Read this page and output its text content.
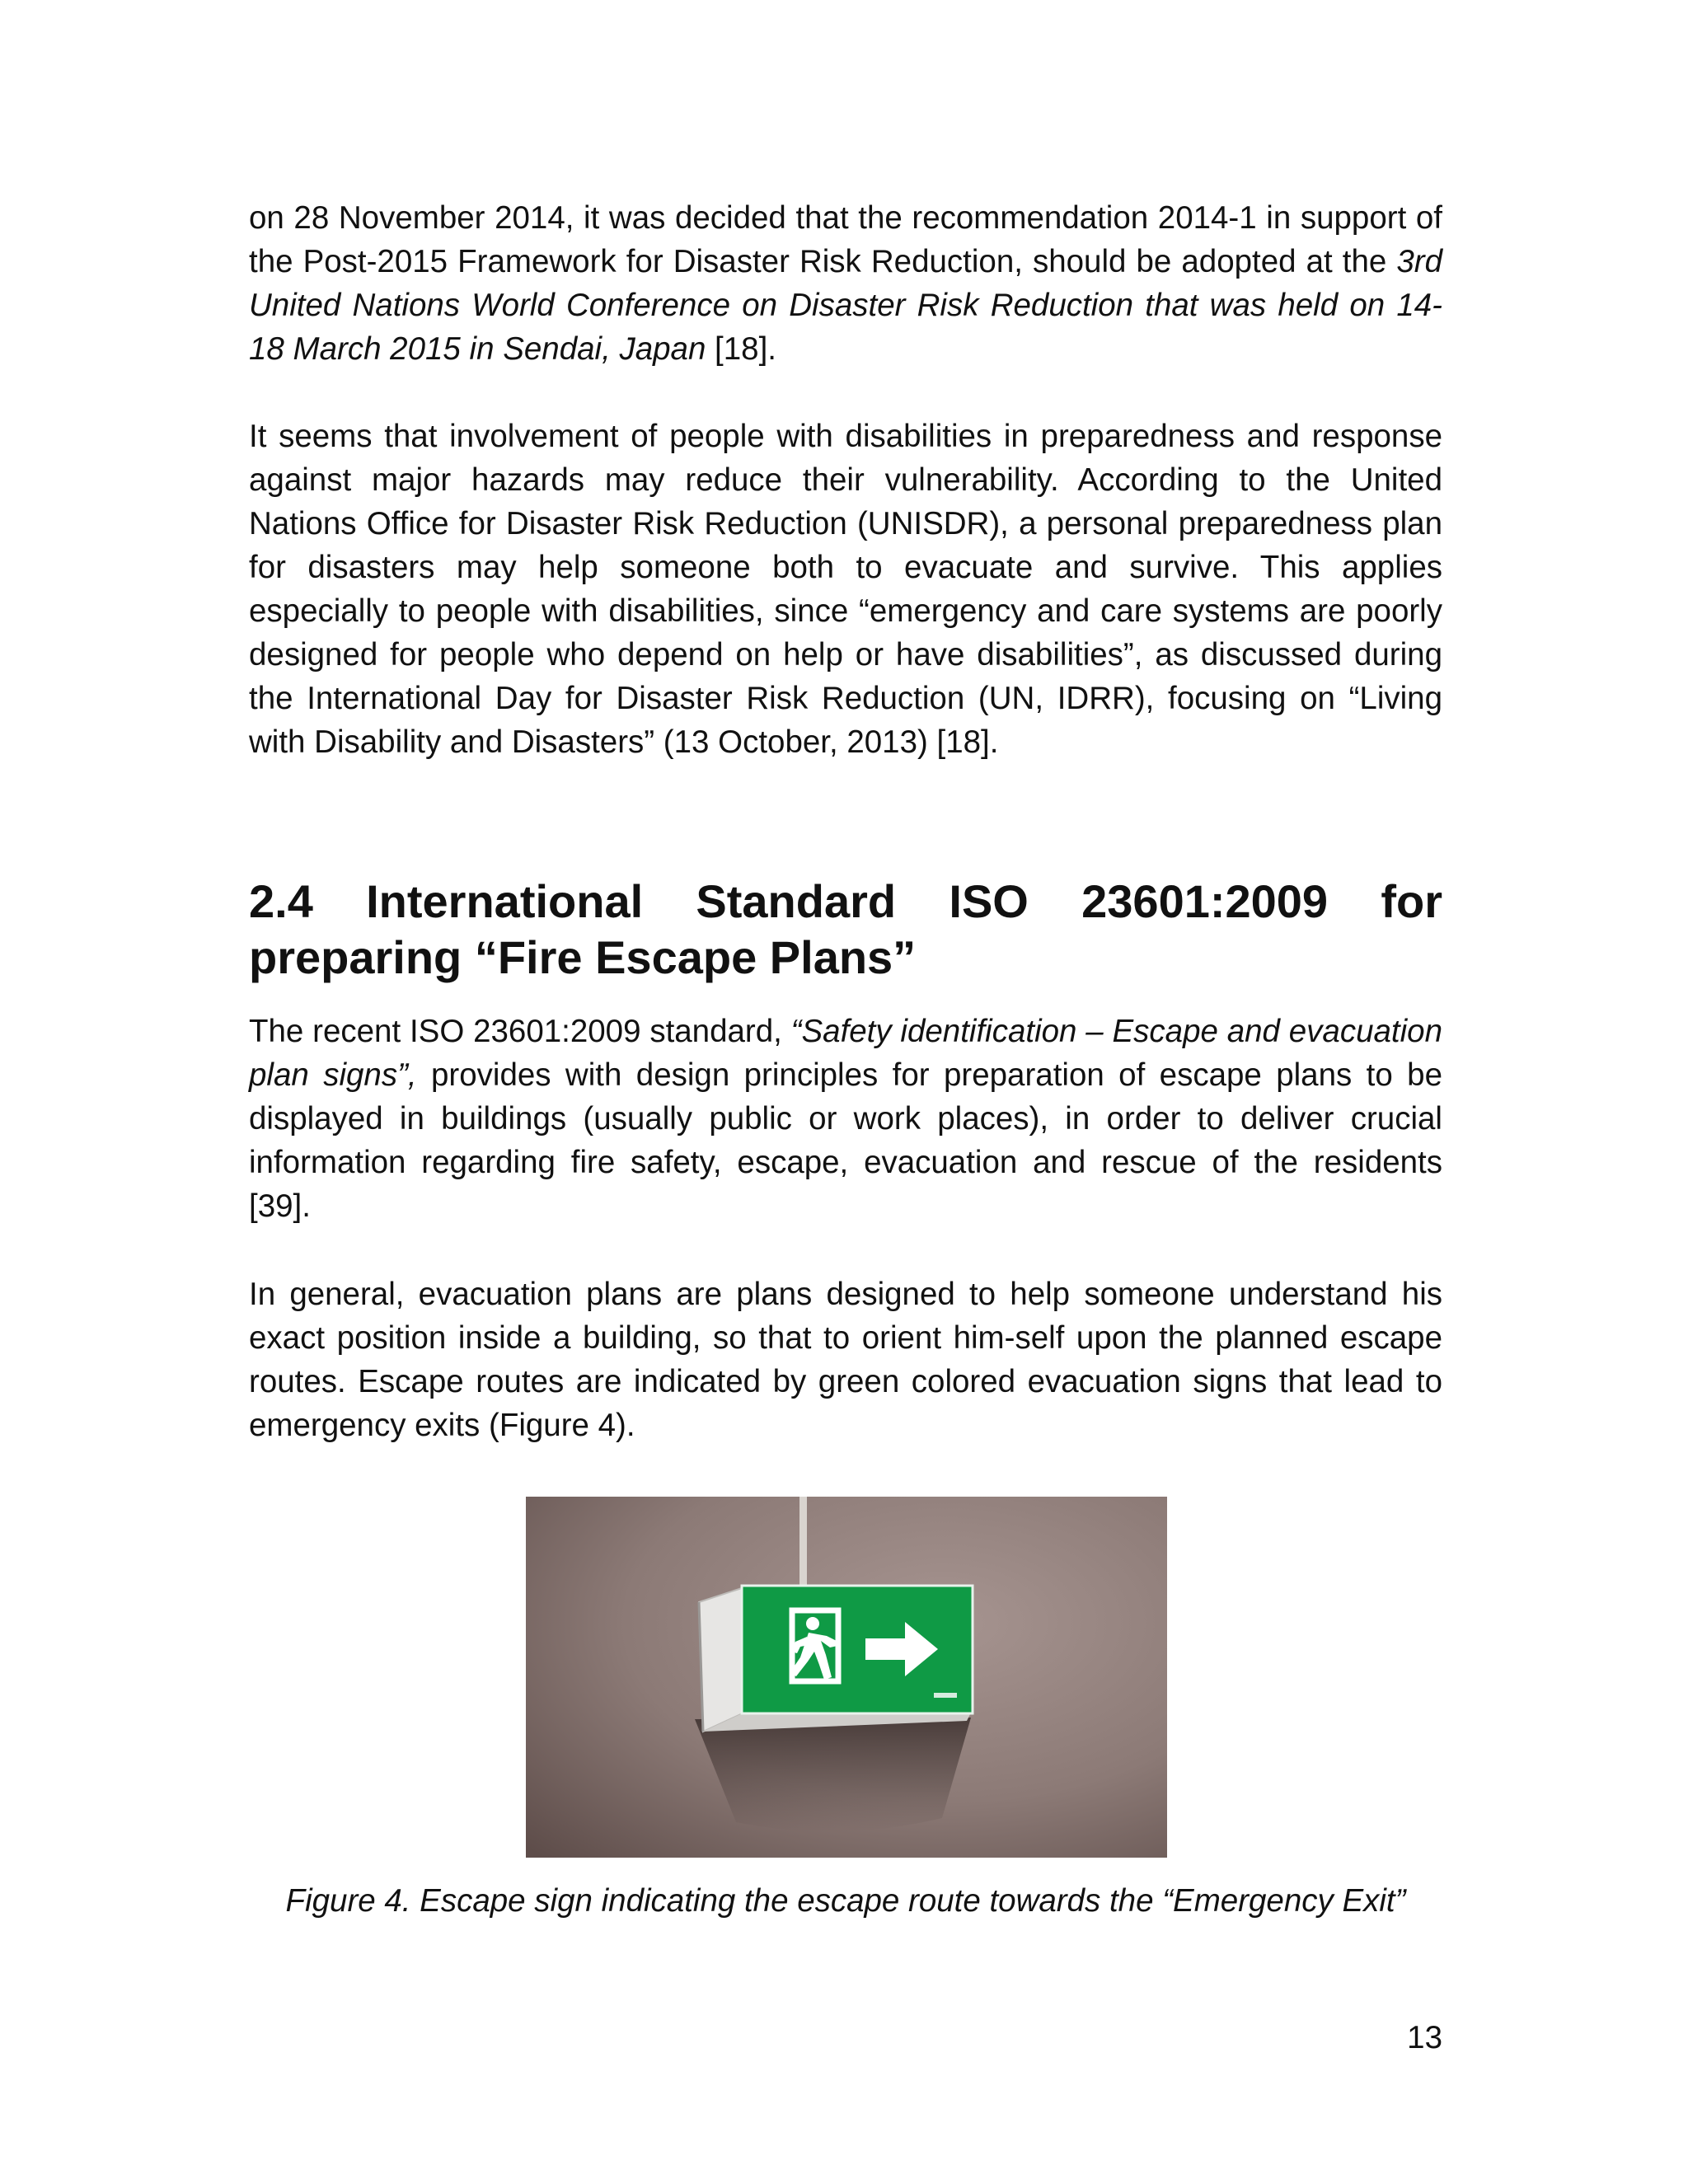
on 28 November 2014, it was decided that the recommendation 2014-1 in support of the Post-2015 Framework for Disaster Risk Reduction, should be adopted at the 3rd United Nations World Conference on Disaster Risk Reduction that was held on 14-18 March 2015 in Sendai, Japan [18].

It seems that involvement of people with disabilities in preparedness and response against major hazards may reduce their vulnerability. According to the United Nations Office for Disaster Risk Reduction (UNISDR), a personal preparedness plan for disasters may help someone both to evacuate and survive. This applies especially to people with disabilities, since “emergency and care systems are poorly designed for people who depend on help or have disabilities”, as discussed during the International Day for Disaster Risk Reduction (UN, IDRR), focusing on “Living with Disability and Disasters” (13 October, 2013) [18].

2.4 International Standard ISO 23601:2009 for preparing “Fire Escape Plans”

The recent ISO 23601:2009 standard, “Safety identification – Escape and evacuation plan signs”, provides with design principles for preparation of escape plans to be displayed in buildings (usually public or work places), in order to deliver crucial information regarding fire safety, escape, evacuation and rescue of the residents [39].

In general, evacuation plans are plans designed to help someone understand his exact position inside a building, so that to orient him-self upon the planned escape routes. Escape routes are indicated by green colored evacuation signs that lead to emergency exits (Figure 4).

Figure 4. Escape sign indicating the escape route towards the “Emergency Exit”

13
